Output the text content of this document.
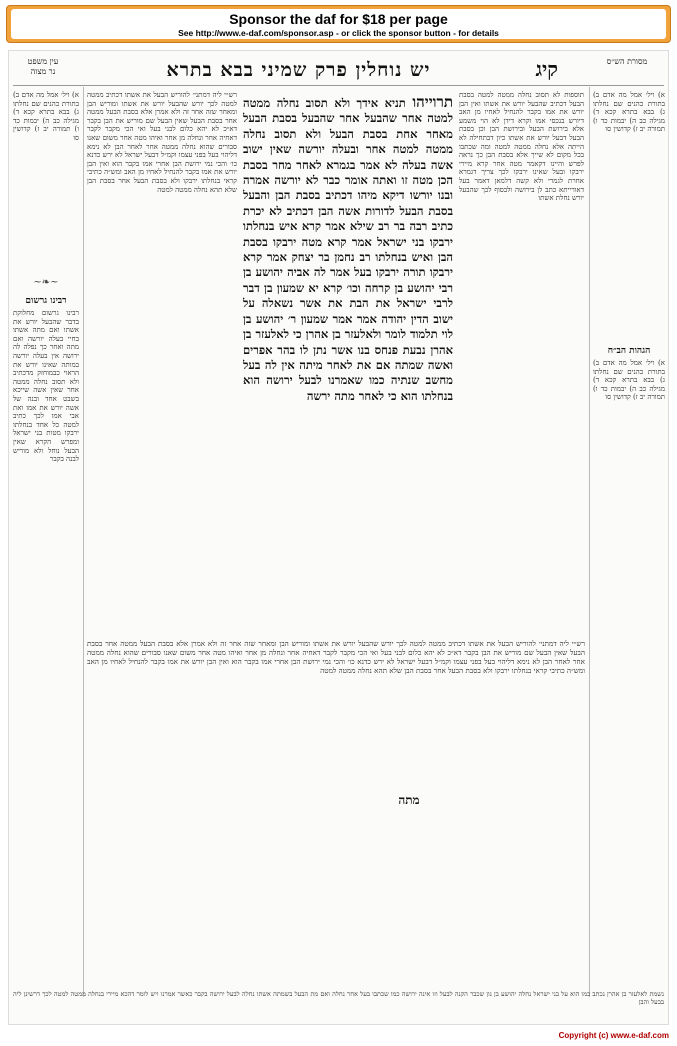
Sponsor the daf for $18 per page
See http://www.e-daf.com/sponsor.asp - or click the sponsor button - for details
קיג
יש נוחלין פרק שמיני בבא בתרא
עין משפט
נר מצוה
מסורת הש״ס
רבינו גרשום
~❧~
א) ויל׳ אמל מה אדם ב) בתורת כהנים שם נחלתו ג) בבא בתרא קכא ד) מגילה כב ה) יבמות כד ו) תמורה יב ז) קדושין סו
רבינו גרשום מחלוקת בדבר שהבעל יורש את אשתו ואם מתה אשתו בחיי בעלה יורשה ואם מתה ואחר כך נפלה לה ירושה אין בעלה יורשה במותה שאינו יורש את הראוי כבמוחזק מדכתיב ולא תסוב נחלה ממטה אחר שאין אשה שייכא בשבט אחד ובנה של אשה יורש את אמו ואת אבי אמו לכך כתיב למטה כל אחד בנחלתו ירבקו מטות בני ישראל ומפרש הקרא שאין הבעל נוחל ולא מוריש לבנה בקבר
רש״י ליה דמתני׳ להוריש הבעל את אשתו דכתיב ממטה למטה לכך יורש שהבעל יורש את אשתו ומוריש הבן ומאחר שזה אחר זה ולא אמרן אלא בסבת הבעל ממטה אחר בסבת הבעל שאין הבעל שם מוריש את הבן בקבר דא״כ לא יהא כלום לבני בעל ואי הכי מקבר לקבר דאחיה אחר ונחלה מן אחר ואיהו מטה אחר משום שאנו סבורים שהוא נחלה ממטה אחר לאחר הבן לא נימא דליהוי בעל בפני עצמו וקמ״ל דבעל ישראל לא ירש כדנא כו׳ והכי נמי ירושת הבן אחרי אמו בקבר הוא ואין הבן יורש את אמו בקבר להנחיל לאחיו מן האב ומש״ה כתיבי קראי בנחלתו ירבקו ולא בסבת הבעל אחר בסבת הבן שלא תהא נחלה ממטה למטה
תרוייהו תניא אידך ולא תסוב נחלה ממטה למטה אחר שהבעל אחר שהבעל בסבת הבעל מאחר אחת בסבת הבעל ולא תסוב נחלה ממטה למטה אחר ובעלה יורשה שאין ישוב אשה בעלה לא אמר בגמרא לאחר מחר בסבת הכן מטה זו ואתה אומר כבר לא יורשה אמרה ובנו יורשו דיקא מיהו דכתיב בסבת הבן והבעל בסבת הבעל לדורות אשה הבן דכתיב לא יכרת כתיב רבה בר רב שילא אמר קרא איש בנחלתו ירבקו בני ישראל אמר קרא מטה ירבקו בסבת הבן ואיש בנחלתו רב נחמן בר יצחק אמר קרא ירבקו תורה ירבקו בעל אמר לה אביה יהושע בן רבי יהושע בן קרחה וכו׳ קרא יא שמעון בן דבר לרבי ישראל את הבת את אשר נשאלה על ישוב הדין יהודה אמר אמר שמעון ר׳ יהושע בן לוי תלמוד לומר ולאלעזר בן אהרן כי לאלעזר בן אהרן נבעת פנחס בנו אשר נתן לו בהר אפרים ואשה שמתה אם את לאחר מיתה אין לה בעל מחשב שנתיה כמו שאמרנו לבעל ירושה הוא בנחלתו הוא כי לאחר מתה ירשה
תוספות לא תסוב נחלה ממטה למטה בסבת הבעל דכתיב שהבעל יורש את אשתו ואין הבן יורש את אמו בקבר להנחיל לאחיו מן האב דיורש בנכסי אמו וקרא דידן לא הוי משמע אלא בירושת הבעל ובירושת הבן וכן בסבת הבעל דבעל יורש את אשתו כיון דבתחילה לא הייתה אלא נחלה ממטה למטה ומה שכתבו בכל מקום לא שייך אלא בסבת הבן כך נראה לפרש והיינו דקאמר מטה אחר קרא מיירי ירבקו ובעל שאינו ירבקו לכך צריך דגמרא אחרת לגמרי ולא קשה דלמאן דאמר בעל דאורייתא כתב לן בירושה ולבסוף לכך שהבעל יורש נחלת אשתו
א) ויל׳ אמל מה אדם ב) בתורת כהנים שם נחלתו ג) בבא בתרא קכא ד) מגילה כב ה) יבמות כד ו) תמורה יב ז) קדושין סו
הגהות הב״ח
א) ויל׳ אמל מה אדם ב) בתורת כהנים שם נחלתו ג) בבא בתרא קכא ד) מגילה כב ה) יבמות כד ו) תמורה יב ז) קדושין סו
רש״י ליה דמתני׳ להוריש הבעל את אשתו דכתיב ממטה למטה לכך יורש שהבעל יורש את אשתו ומוריש הבן ומאחר שזה אחר זה ולא אמרן אלא בסבת הבעל ממטה אחר בסבת הבעל שאין הבעל שם מוריש את הבן בקבר דא״כ לא יהא כלום לבני בעל ואי הכי מקבר לקבר דאחיה אחר ונחלה מן אחר ואיהו מטה אחר משום שאנו סבורים שהוא נחלה ממטה אחר לאחר הבן לא נימא דליהוי בעל בפני עצמו וקמ״ל דבעל ישראל לא ירש כדנא כו׳ והכי נמי ירושת הבן אחרי אמו בקבר הוא ואין הבן יורש את אמו בקבר להנחיל לאחיו מן האב ומש״ה כתיבי קראי בנחלתו ירבקו ולא בסבת הבעל אחר בסבת הבן שלא תהא נחלה ממטה למטה
מתה
נשמת לאלעזר בן אהרן נכתב כמו הוא על בני ישראל נחלה יהושע בן נון שכבר הקנה לבעל וזו אינה ירושה כמו שכתבו בעל אחר נחלה ואם מת הבעל בשמתה אשתו נחלה לבעל ירושה בקבר כאשר אמרנו ויש לומר דהכא מיירי בנחלה ממטה למטה לכך דרשינן ליה בבעל והבן
Copyright (c) www.e-daf.com
